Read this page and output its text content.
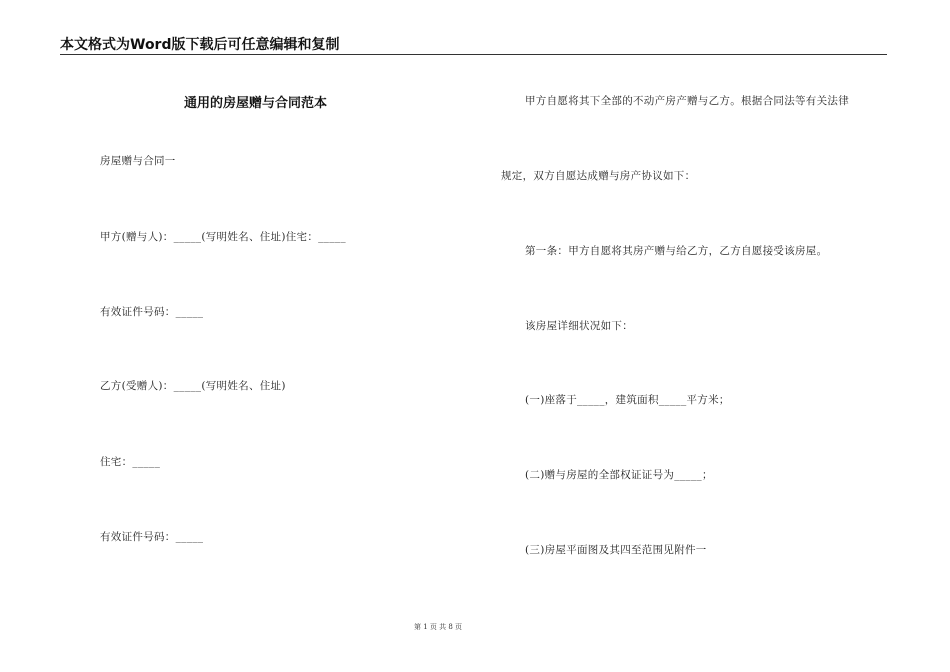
本文格式为Word版下载后可任意编辑和复制
通用的房屋赠与合同范本
房屋赠与合同一
甲方(赠与人)：_____(写明姓名、住址)住宅：_____
有效证件号码：_____
乙方(受赠人)：_____(写明姓名、住址)
住宅：_____
有效证件号码：_____
甲方自愿将其下全部的不动产房产赠与乙方。根据合同法等有关法律
规定，双方自愿达成赠与房产协议如下：
第一条：甲方自愿将其房产赠与给乙方，乙方自愿接受该房屋。
该房屋详细状况如下：
(一)座落于_____，建筑面积_____平方米；
(二)赠与房屋的全部权证证号为_____；
(三)房屋平面图及其四至范围见附件一
第 1 页 共 8 页
